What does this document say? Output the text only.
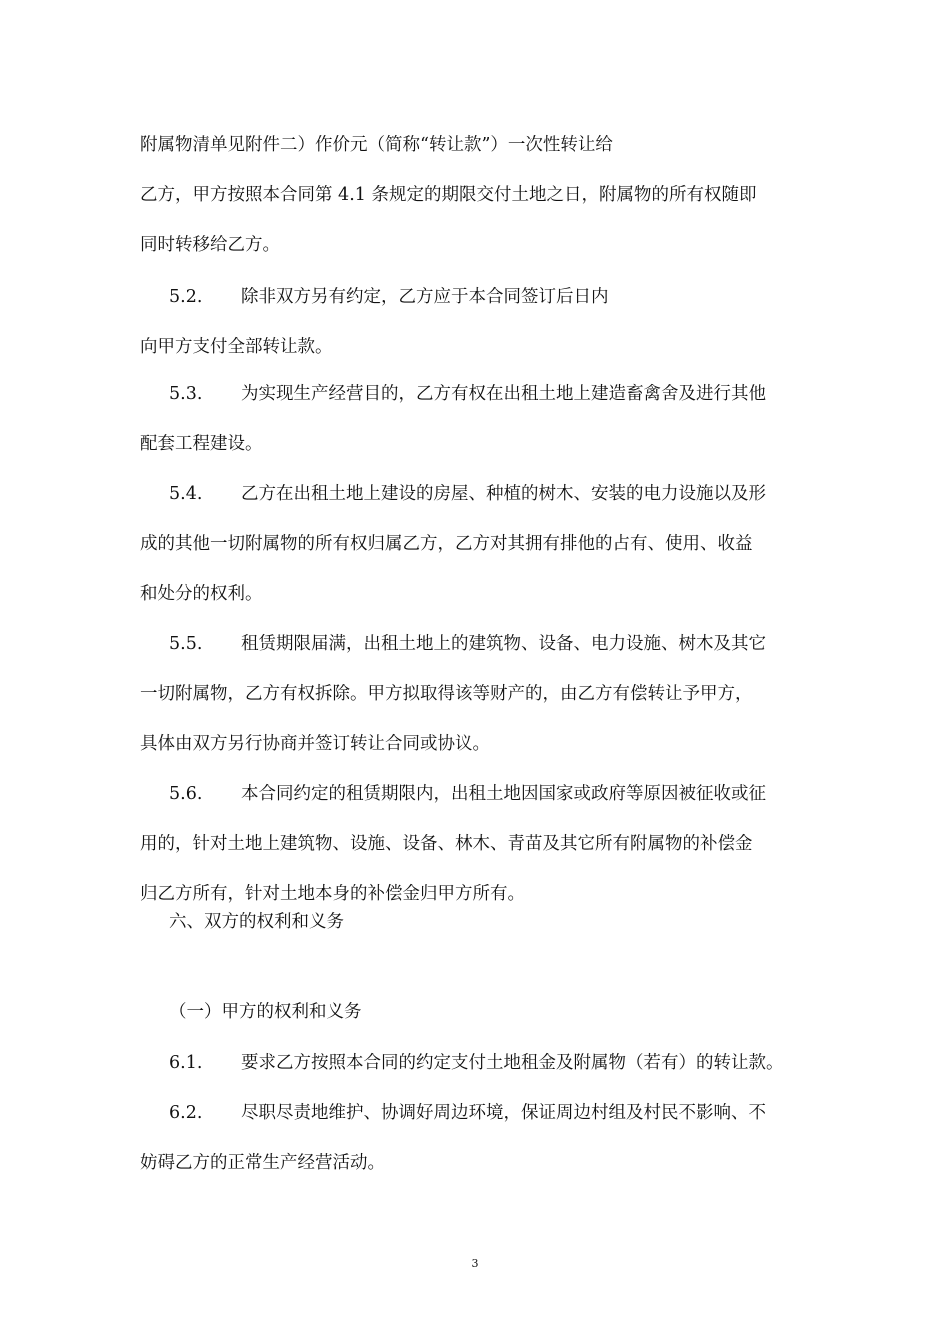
附属物清单见附件二）作价元（简称“转让款”）一次性转让给
乙方，甲方按照本合同第 4.1 条规定的期限交付土地之日，附属物的所有权随即
同时转移给乙方。
5.2. 除非双方另有约定，乙方应于本合同签订后日内
向甲方支付全部转让款。
5.3. 为实现生产经营目的，乙方有权在出租土地上建造畜禽舍及进行其他
配套工程建设。
5.4. 乙方在出租土地上建设的房屋、种植的树木、安装的电力设施以及形
成的其他一切附属物的所有权归属乙方，乙方对其拥有排他的占有、使用、收益
和处分的权利。
5.5. 租赁期限届满，出租土地上的建筑物、设备、电力设施、树木及其它
一切附属物，乙方有权拆除。甲方拟取得该等财产的，由乙方有偿转让予甲方，
具体由双方另行协商并签订转让合同或协议。
5.6. 本合同约定的租赁期限内，出租土地因国家或政府等原因被征收或征
用的，针对土地上建筑物、设施、设备、林木、青苗及其它所有附属物的补偿金
归乙方所有，针对土地本身的补偿金归甲方所有。
六、双方的权利和义务
（一）甲方的权利和义务
6.1. 要求乙方按照本合同的约定支付土地租金及附属物（若有）的转让款。
6.2. 尽职尽责地维护、协调好周边环境，保证周边村组及村民不影响、不
妨碍乙方的正常生产经营活动。
3
